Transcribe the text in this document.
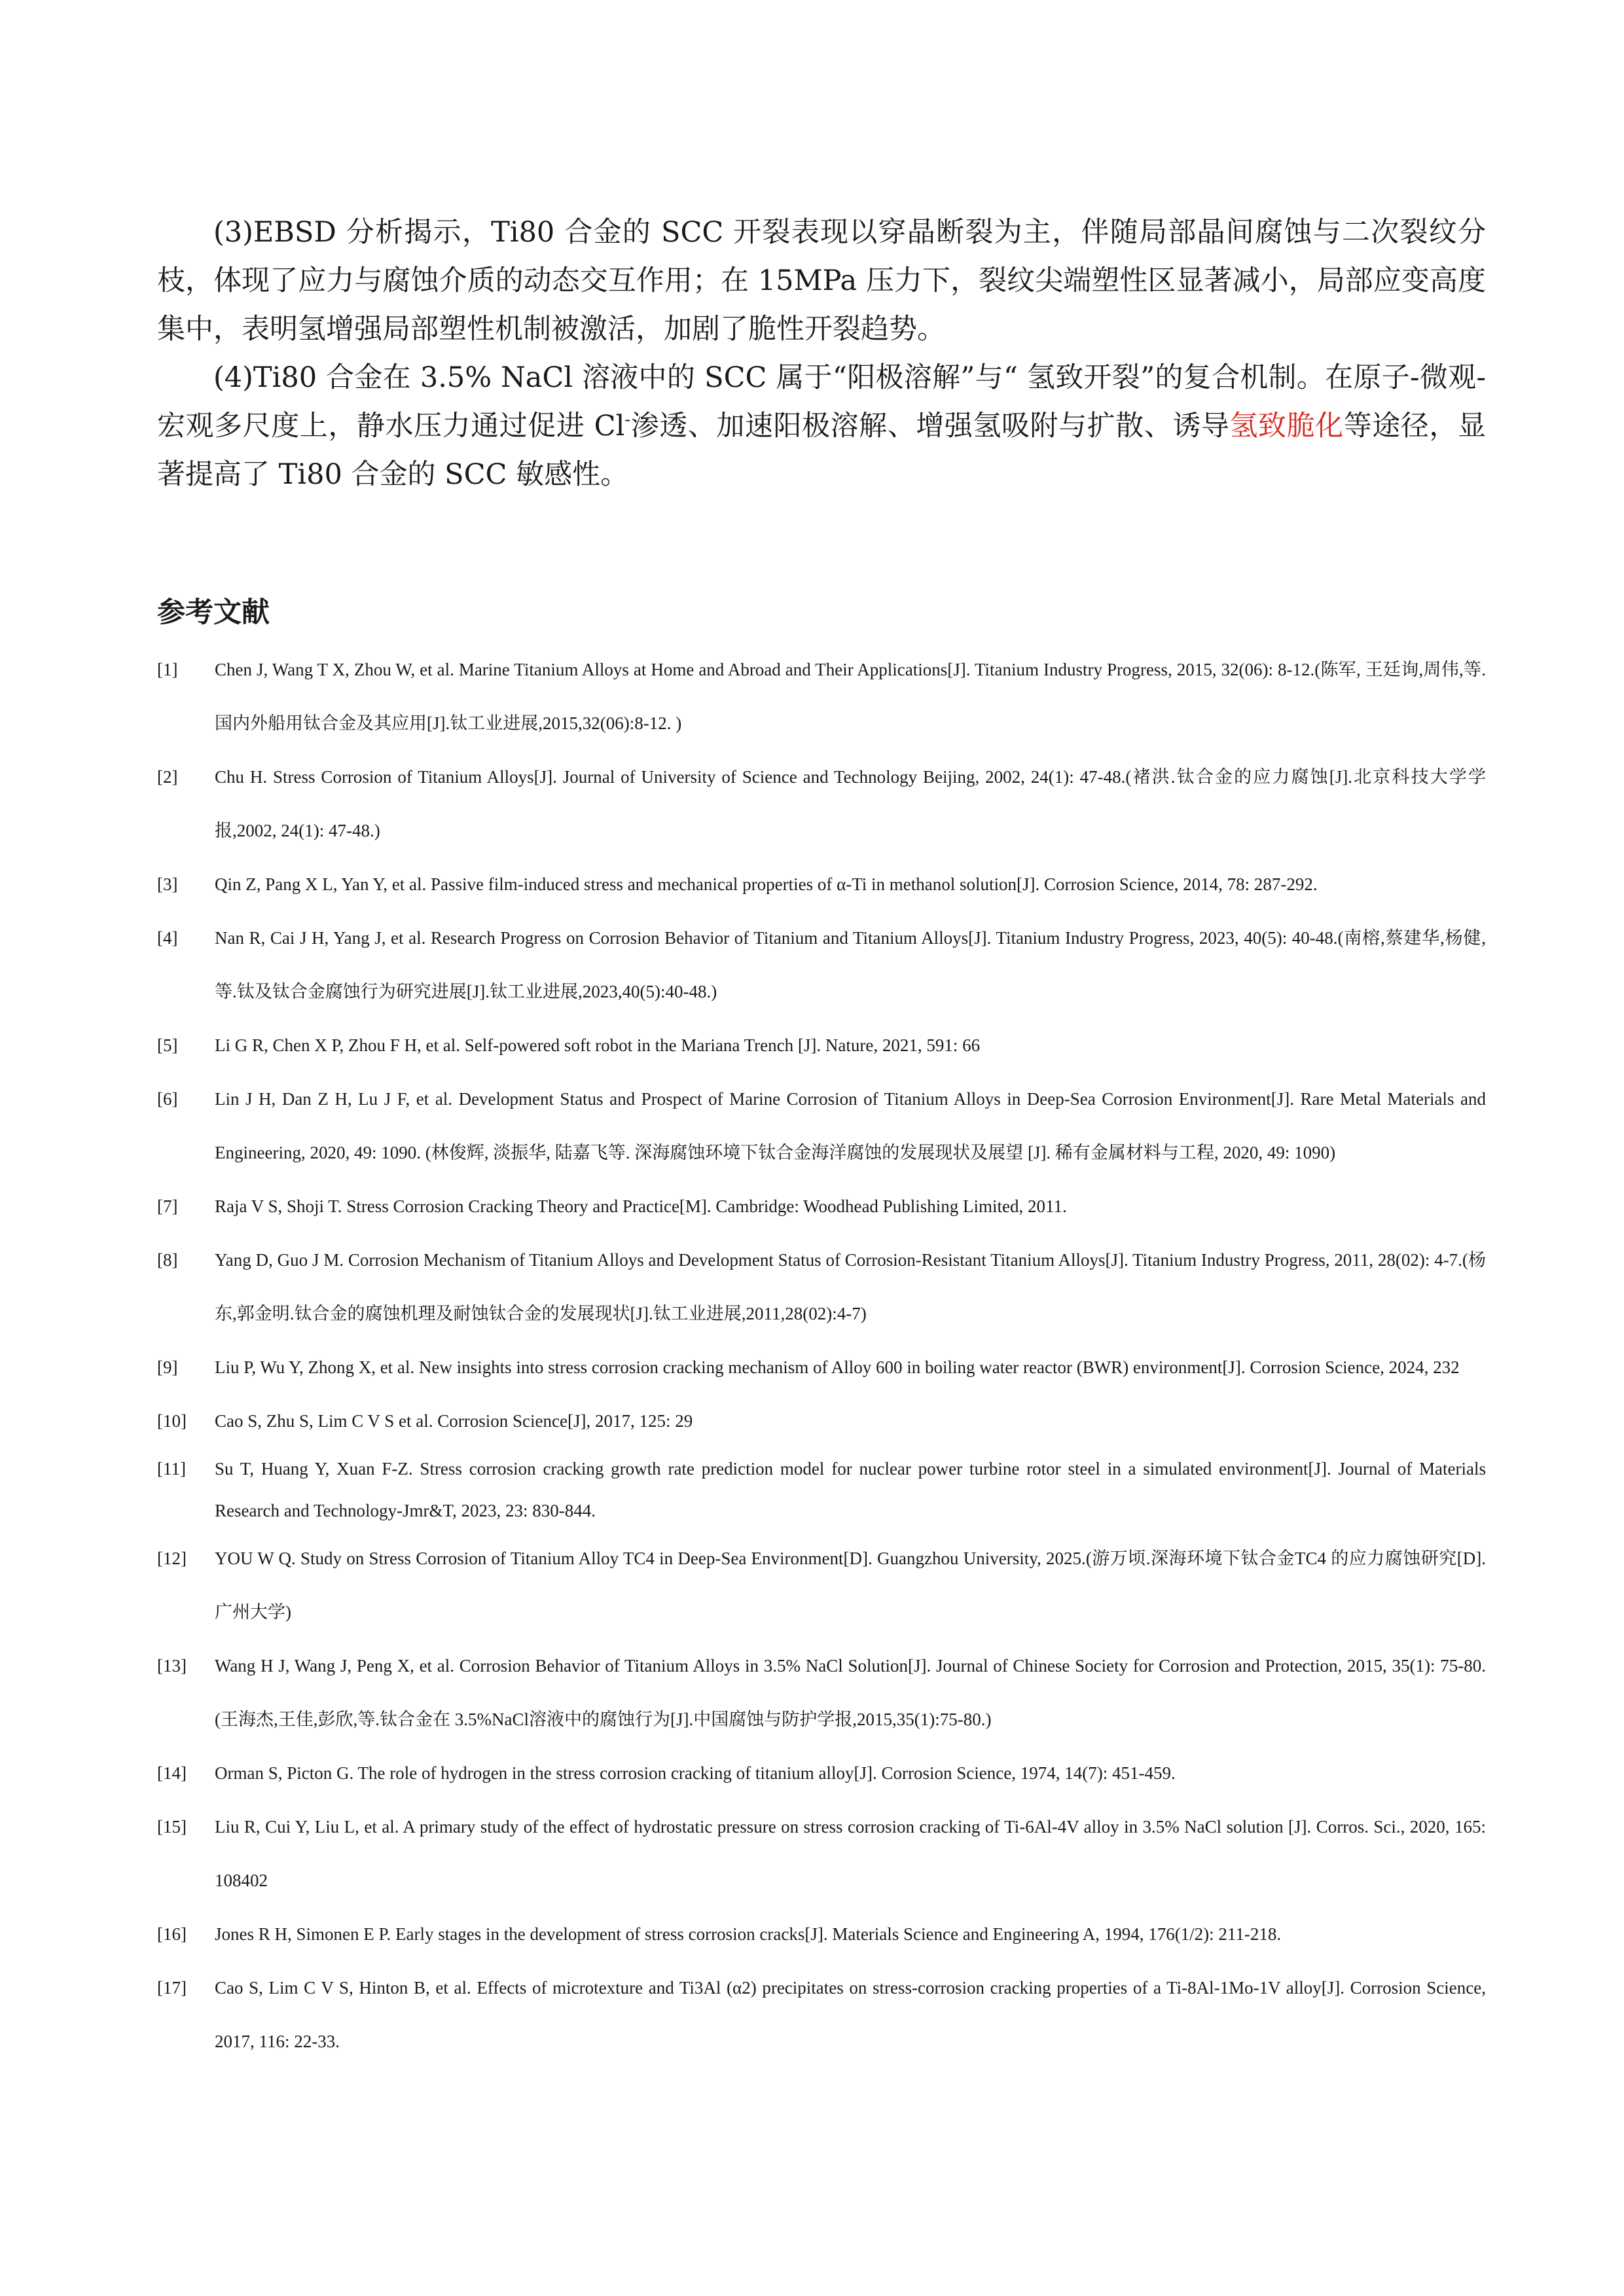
(3)EBSD 分析揭示，Ti80 合金的 SCC 开裂表现以穿晶断裂为主，伴随局部晶间腐蚀与二次裂纹分枝，体现了应力与腐蚀介质的动态交互作用；在 15MPa 压力下，裂纹尖端塑性区显著减小，局部应变高度集中，表明氢增强局部塑性机制被激活，加剧了脆性开裂趋势。

(4)Ti80 合金在 3.5% NaCl 溶液中的 SCC 属于“阳极溶解”与“ 氢致开裂”的复合机制。在原子-微观-宏观多尺度上，静水压力通过促进 Cl-渗透、加速阳极溶解、增强氢吸附与扩散、诱导氢致脆化等途径，显著提高了 Ti80 合金的 SCC 敏感性。

参考文献
[1]	Chen J, Wang T X, Zhou W, et al. Marine Titanium Alloys at Home and Abroad and Their Applications[J]. Titanium Industry Progress, 2015, 32(06): 8-12.(陈军, 王廷询,周伟,等.国内外船用钛合金及其应用[J].钛工业进展,2015,32(06):8-12. )
[2]	Chu H. Stress Corrosion of Titanium Alloys[J]. Journal of University of Science and Technology Beijing, 2002, 24(1): 47-48.(褚洪.钛合金的应力腐蚀[J].北京科技大学学报,2002, 24(1): 47-48.)
[3]	Qin Z, Pang X L, Yan Y, et al. Passive film-induced stress and mechanical properties of α-Ti in methanol solution[J]. Corrosion Science, 2014, 78: 287-292.
[4]	Nan R, Cai J H, Yang J, et al. Research Progress on Corrosion Behavior of Titanium and Titanium Alloys[J]. Titanium Industry Progress, 2023, 40(5): 40-48.(南榕,蔡建华,杨健,等.钛及钛合金腐蚀行为研究进展[J].钛工业进展,2023,40(5):40-48.)
[5]	Li G R, Chen X P, Zhou F H, et al. Self-powered soft robot in the Mariana Trench [J]. Nature, 2021, 591: 66
[6]	Lin J H, Dan Z H, Lu J F, et al. Development Status and Prospect of Marine Corrosion of Titanium Alloys in Deep-Sea Corrosion Environment[J]. Rare Metal Materials and Engineering, 2020, 49: 1090. (林俊辉, 淡振华, 陆嘉飞等. 深海腐蚀环境下钛合金海洋腐蚀的发展现状及展望 [J]. 稀有金属材料与工程, 2020, 49: 1090)
[7]	Raja V S, Shoji T. Stress Corrosion Cracking Theory and Practice[M]. Cambridge: Woodhead Publishing Limited, 2011.
[8]	Yang D, Guo J M. Corrosion Mechanism of Titanium Alloys and Development Status of Corrosion-Resistant Titanium Alloys[J]. Titanium Industry Progress, 2011, 28(02): 4-7.(杨东,郭金明.钛合金的腐蚀机理及耐蚀钛合金的发展现状[J].钛工业进展,2011,28(02):4-7)
[9]	Liu P, Wu Y, Zhong X, et al. New insights into stress corrosion cracking mechanism of Alloy 600 in boiling water reactor (BWR) environment[J]. Corrosion Science, 2024, 232
[10]	Cao S, Zhu S, Lim C V S et al. Corrosion Science[J], 2017, 125: 29
[11]	Su T, Huang Y, Xuan F-Z. Stress corrosion cracking growth rate prediction model for nuclear power turbine rotor steel in a simulated environment[J]. Journal of Materials Research and Technology-Jmr&T, 2023, 23: 830-844.
[12]	YOU W Q. Study on Stress Corrosion of Titanium Alloy TC4 in Deep-Sea Environment[D]. Guangzhou University, 2025.(游万顷.深海环境下钛合金TC4 的应力腐蚀研究[D].广州大学)
[13]	Wang H J, Wang J, Peng X, et al. Corrosion Behavior of Titanium Alloys in 3.5% NaCl Solution[J]. Journal of Chinese Society for Corrosion and Protection, 2015, 35(1): 75-80.(王海杰,王佳,彭欣,等.钛合金在 3.5%NaCl溶液中的腐蚀行为[J].中国腐蚀与防护学报,2015,35(1):75-80.)
[14]	Orman S, Picton G. The role of hydrogen in the stress corrosion cracking of titanium alloy[J]. Corrosion Science, 1974, 14(7): 451-459.
[15]	Liu R, Cui Y, Liu L, et al. A primary study of the effect of hydrostatic pressure on stress corrosion cracking of Ti-6Al-4V alloy in 3.5% NaCl solution [J]. Corros. Sci., 2020, 165: 108402
[16]	Jones R H, Simonen E P. Early stages in the development of stress corrosion cracks[J]. Materials Science and Engineering A, 1994, 176(1/2): 211-218.
[17]	Cao S, Lim C V S, Hinton B, et al. Effects of microtexture and Ti3Al (α2) precipitates on stress-corrosion cracking properties of a Ti-8Al-1Mo-1V alloy[J]. Corrosion Science, 2017, 116: 22-33.
